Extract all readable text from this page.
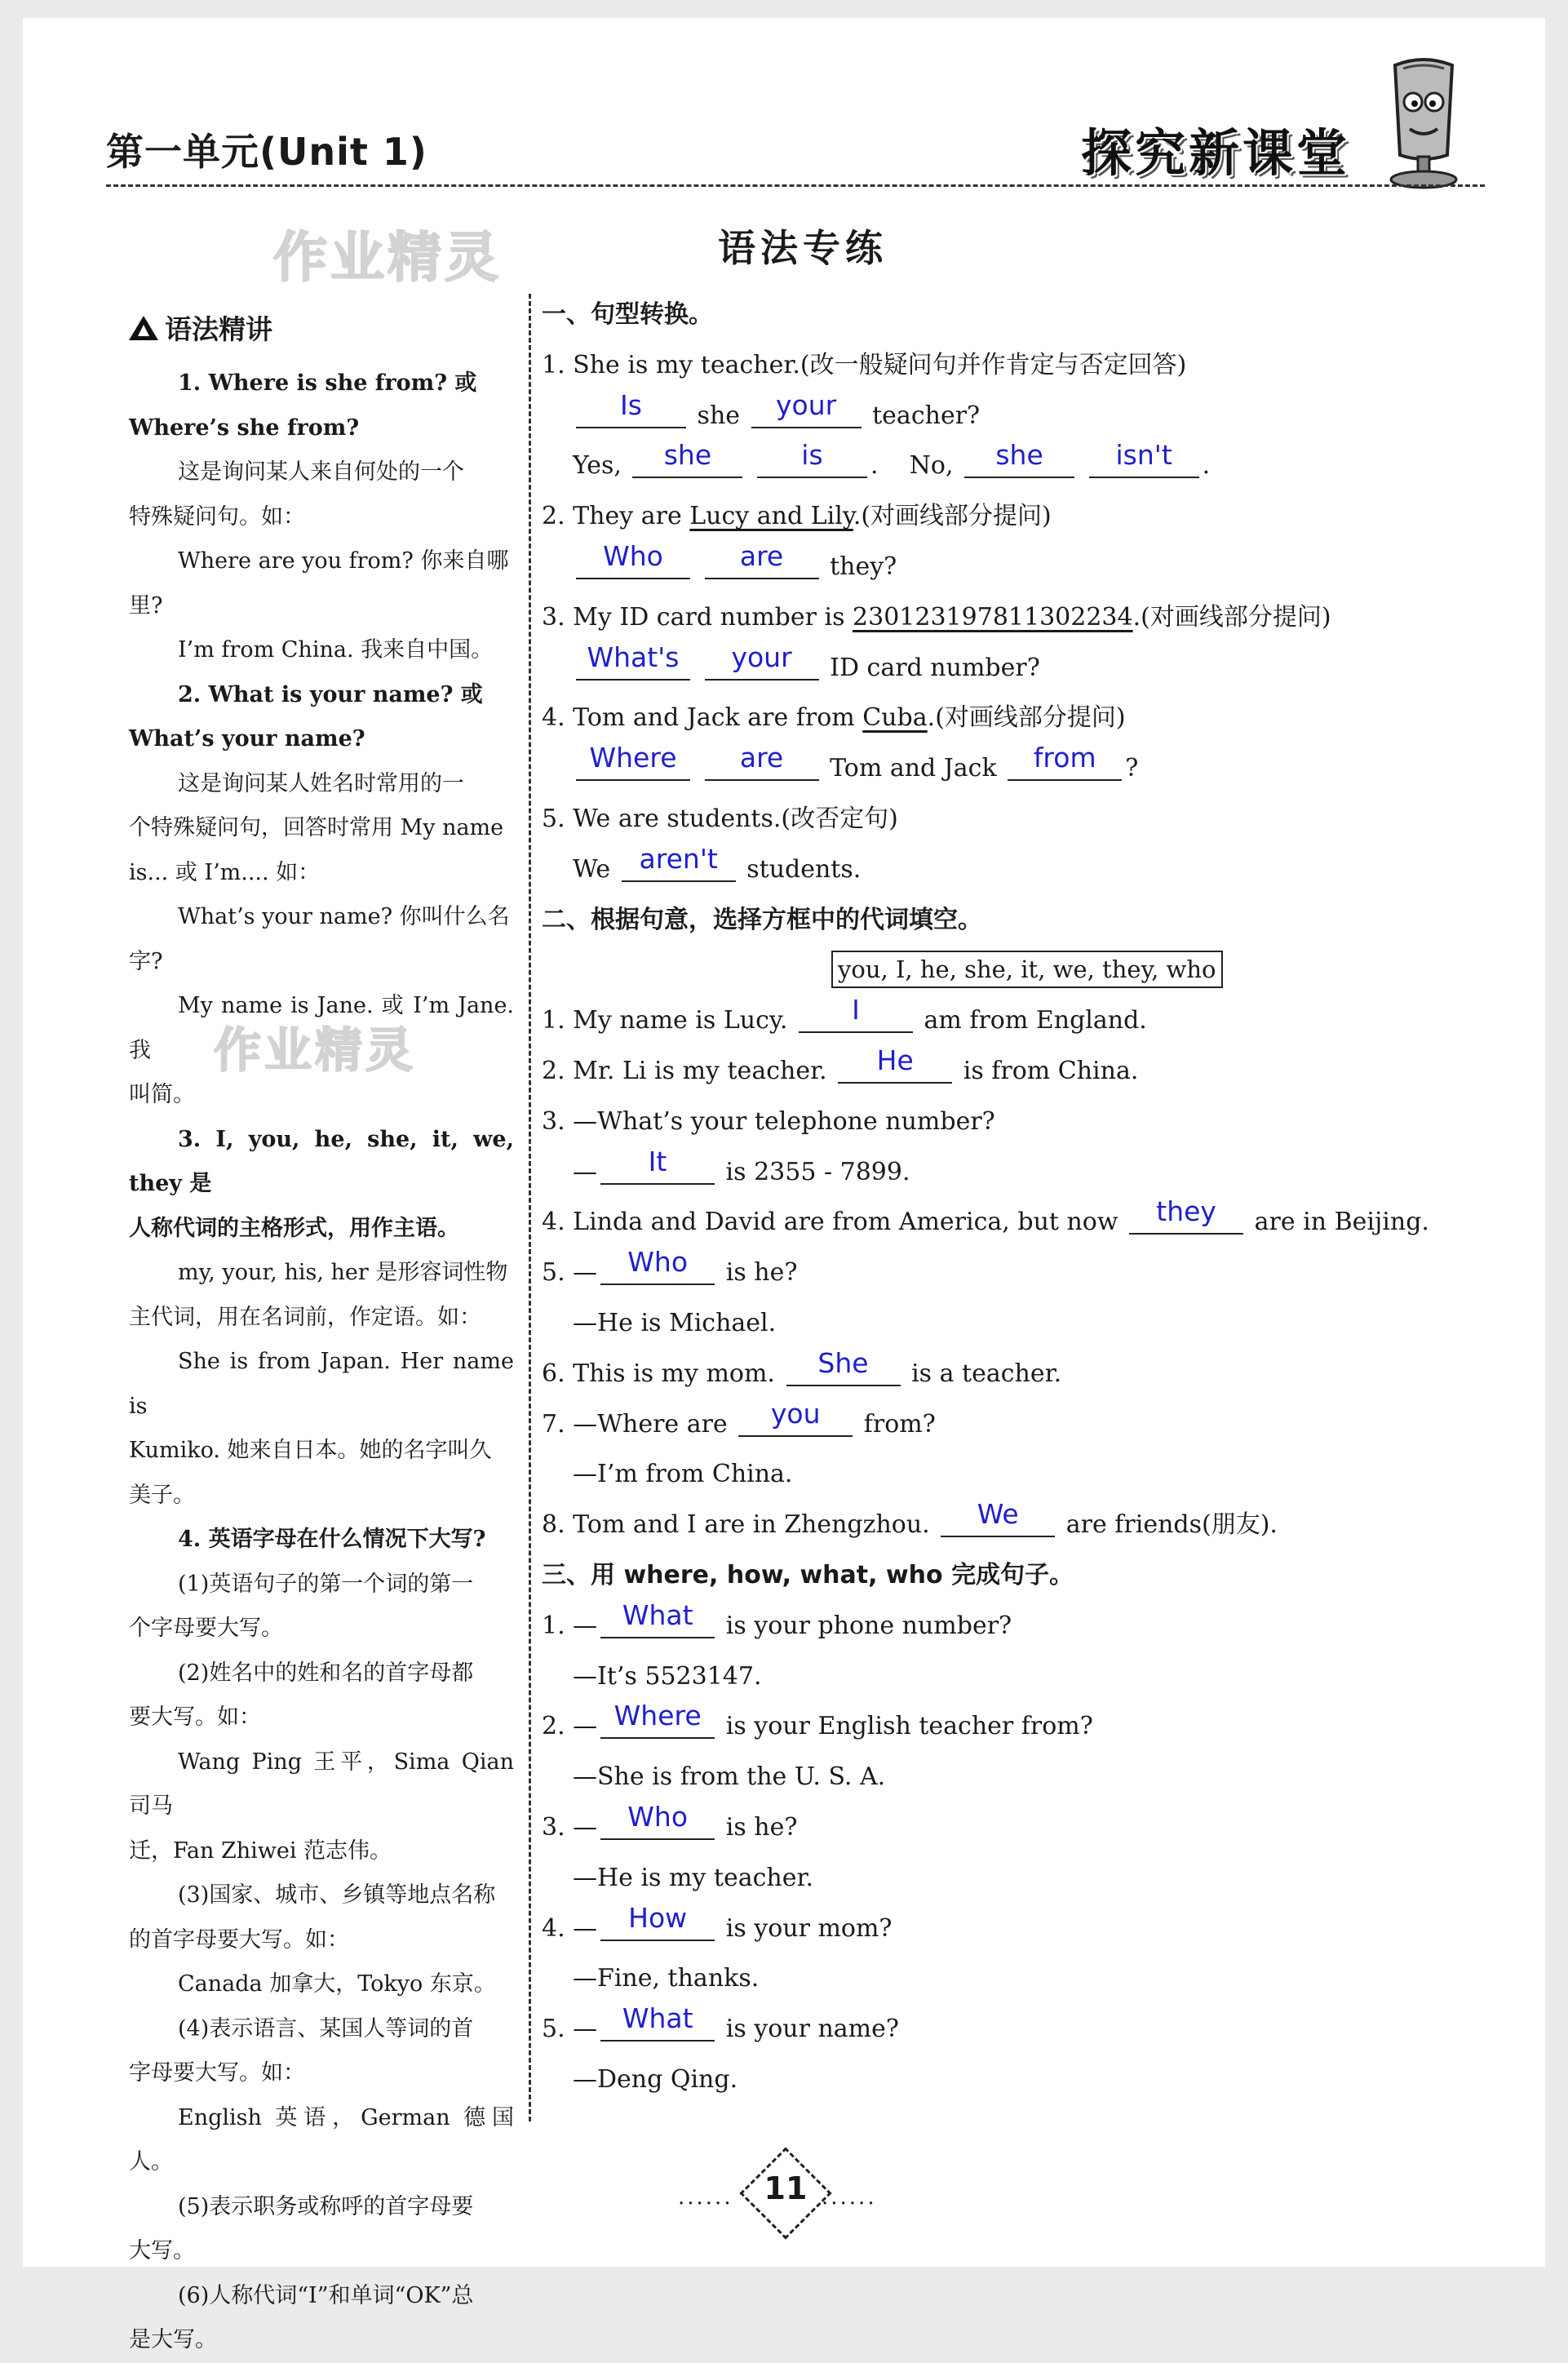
第一单元(Unit 1)	探究新课堂
作业精灵
作业精灵
语法专练
语法精讲

1. Where is she from? 或

Where’s she from?

这是询问某人来自何处的一个

特殊疑问句。如：

Where are you from? 你来自哪

里?

I’m from China. 我来自中国。

2. What is your name? 或

What’s your name?

这是询问某人姓名时常用的一

个特殊疑问句，回答时常用 My name

is... 或 I’m.... 如：

What’s your name? 你叫什么名

字?

My name is Jane. 或 I’m Jane. 我

叫简。

3. I, you, he, she, it, we, they 是

人称代词的主格形式，用作主语。

my, your, his, her 是形容词性物

主代词，用在名词前，作定语。如：

She is from Japan. Her name is

Kumiko. 她来自日本。她的名字叫久

美子。

4. 英语字母在什么情况下大写?

(1)英语句子的第一个词的第一

个字母要大写。

(2)姓名中的姓和名的首字母都

要大写。如：

Wang Ping 王平，Sima Qian 司马

迁，Fan Zhiwei 范志伟。

(3)国家、城市、乡镇等地点名称

的首字母要大写。如：

Canada 加拿大，Tokyo 东京。

(4)表示语言、某国人等词的首

字母要大写。如：

English 英语，German 德国人。

(5)表示职务或称呼的首字母要

大写。

(6)人称代词“I”和单词“OK”总

是大写。

一、句型转换。
1. She is my teacher.(改一般疑问句并作肯定与否定回答)
Is	she	your	teacher?
Yes,	she
	is	.    No,	she
	isn't	.
2. They are Lucy and Lily.(对画线部分提问)
Who
	are	they?
3. My ID card number is 230123197811302234.(对画线部分提问)
What's
	your	ID card number?
4. Tom and Jack are from Cuba.(对画线部分提问)
Where
	are	Tom and Jack	from	?
5. We are students.(改否定句)
We	aren't	students.
二、根据句意，选择方框中的代词填空。
you, I, he, she, it, we, they, who
1. My name is Lucy.	I	am from England.
2. Mr. Li is my teacher.	He	is from China.
3. —What’s your telephone number?
—	It	is 2355 - 7899.
4. Linda and David are from America, but now	they	are in Beijing.
5. —	Who	is he?
—He is Michael.
6. This is my mom.	She	is a teacher.
7. —Where are	you	from?
—I’m from China.
8. Tom and I are in Zhengzhou.	We	are friends(朋友).
三、用 where, how, what, who 完成句子。
1. — What	is your phone number?
—It’s 5523147.
2. — Where	is your English teacher from?
—She is from the U. S. A.
3. —	Who	is he?
—He is my teacher.
4. —	How	is your mom?
—Fine, thanks.
5. — What	is your name?
—Deng Qing.
...... 11 ......
